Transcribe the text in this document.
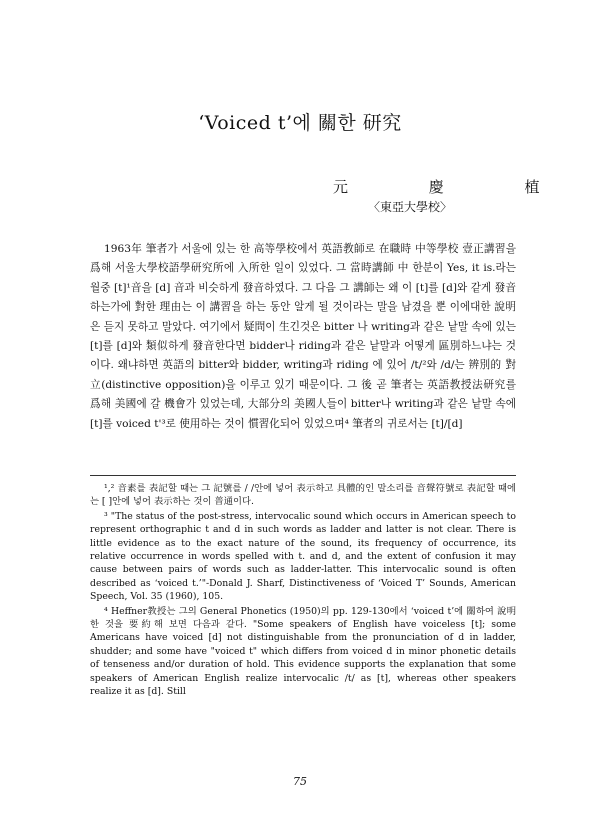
‘Voiced t’에 關한 研究
元 慶 植
〈東亞大學校〉

1963年 筆者가 서울에 있는 한 高等學校에서 英語教師로 在職時 中等學校 壹正講習을 爲해 서울大學校語學研究所에 入所한 일이 있었다. 그 當時講師 中 한분이 Yes, it is.라는 월중 [t]¹音을 [d] 音과 비슷하게 發音하였다. 그 다음 그 講師는 왜 이 [t]를 [d]와 같게 發音하는가에 對한 理由는 이 講習을 하는 동안 알게 될 것이라는 말을 남겼을 뿐 이에대한 說明은 듣지 못하고 말았다. 여기에서 疑問이 生긴것은 bitter 나 writing과 같은 낱말 속에 있는 [t]를 [d]와 類似하게 發音한다면 bidder나 riding과 같은 낱말과 어떻게 區別하느냐는 것이다. 왜냐하면 英語의 bitter와 bidder, writing과 riding 에 있어 /t/²와 /d/는 辨別的 對立(distinctive opposition)을 이루고 있기 때문이다. 그 後 곧 筆者는 英語教授法研究를 爲해 美國에 갈 機會가 있었는데, 大部分의 美國人들이 bitter나 writing과 같은 낱말 속에 [t]를 voiced t'³로 使用하는 것이 慣習化되어 있었으며⁴ 筆者의 귀로서는 [t]/[d]

¹,² 音素를 表記할 때는 그 記號를 / /안에 넣어 表示하고 具體的인 말소리를 音聲符號로 表記할 때에는 [ ]안에 넣어 表示하는 것이 普通이다.

³ "The status of the post-stress, intervocalic sound which occurs in American speech to represent orthographic t and d in such words as ladder and latter is not clear. There is little evidence as to the exact nature of the sound, its frequency of occurrence, its relative occurrence in words spelled with t. and d, and the extent of confusion it may cause between pairs of words such as ladder-latter. This intervocalic sound is often described as ‘voiced t.’"-Donald J. Sharf, Distinctiveness of ‘Voiced T’ Sounds, American Speech, Vol. 35 (1960), 105.

⁴ Heffner教授는 그의 General Phonetics (1950)의 pp. 129-130에서 ‘voiced t’에 關하여 說明한 것을 要約해 보면 다음과 같다. "Some speakers of English have voiceless [t]; some Americans have voiced [d] not distinguishable from the pronunciation of d in ladder, shudder; and some have "voiced t" which differs from voiced d in minor phonetic details of tenseness and/or duration of hold. This evidence supports the explanation that some speakers of American English realize intervocalic /t/ as [t], whereas other speakers realize it as [d]. Still

75
